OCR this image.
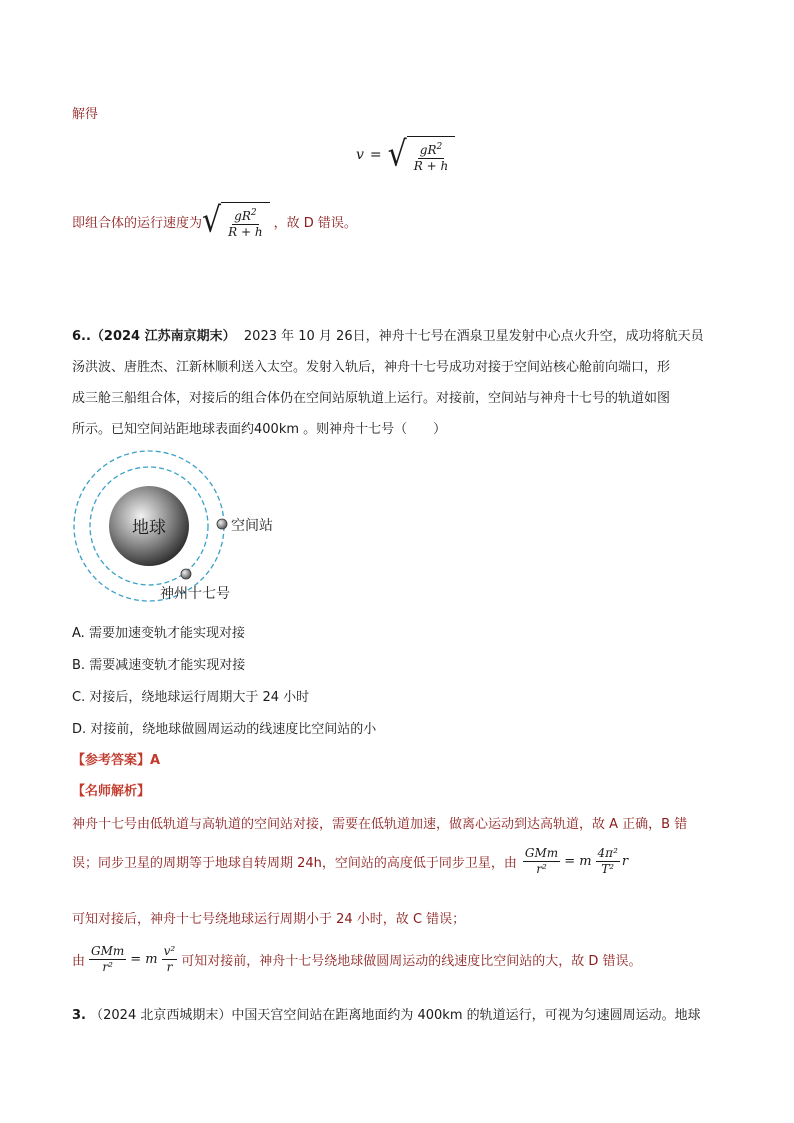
解得
v = √ $\frac{gR^2}{R + h}$
即组合体的运行速度为 √ $\frac{gR^2}{R + h}$ ，故 D 错误。
6..（2024 江苏南京期末） 2023 年 10 月 26日，神舟十七号在酒泉卫星发射中心点火升空，成功将航天员
汤洪波、唐胜杰、江新林顺利送入太空。发射入轨后，神舟十七号成功对接于空间站核心舱前向端口，形
成三舱三船组合体，对接后的组合体仍在空间站原轨道上运行。对接前，空间站与神舟十七号的轨道如图
所示。已知空间站距地球表面约400km 。则神舟十七号（　　）
地球	空间站
神州十七号
A. 需要加速变轨才能实现对接
B. 需要减速变轨才能实现对接
C. 对接后，绕地球运行周期大于 24 小时
D. 对接前，绕地球做圆周运动的线速度比空间站的小
【参考答案】A
【名师解析】
神舟十七号由低轨道与高轨道的空间站对接，需要在低轨道加速，做离心运动到达高轨道，故 A 正确，B 错
误；同步卫星的周期等于地球自转周期 24h，空间站的高度低于同步卫星，由 $\frac{\text{GMm}}{\text{r²}} = m \frac{\text{4π²}}{\text{T²}}$ r
可知对接后，神舟十七号绕地球运行周期小于 24 小时，故 C 错误；
由 $\frac{\text{GMm}}{\text{r²}} = m \frac{\text{v²}}{r}$ 可知对接前，神舟十七号绕地球做圆周运动的线速度比空间站的大，故 D 错误。
3. （2024 北京西城期末）中国天宫空间站在距离地面约为 400km 的轨道运行，可视为匀速圆周运动。地球
